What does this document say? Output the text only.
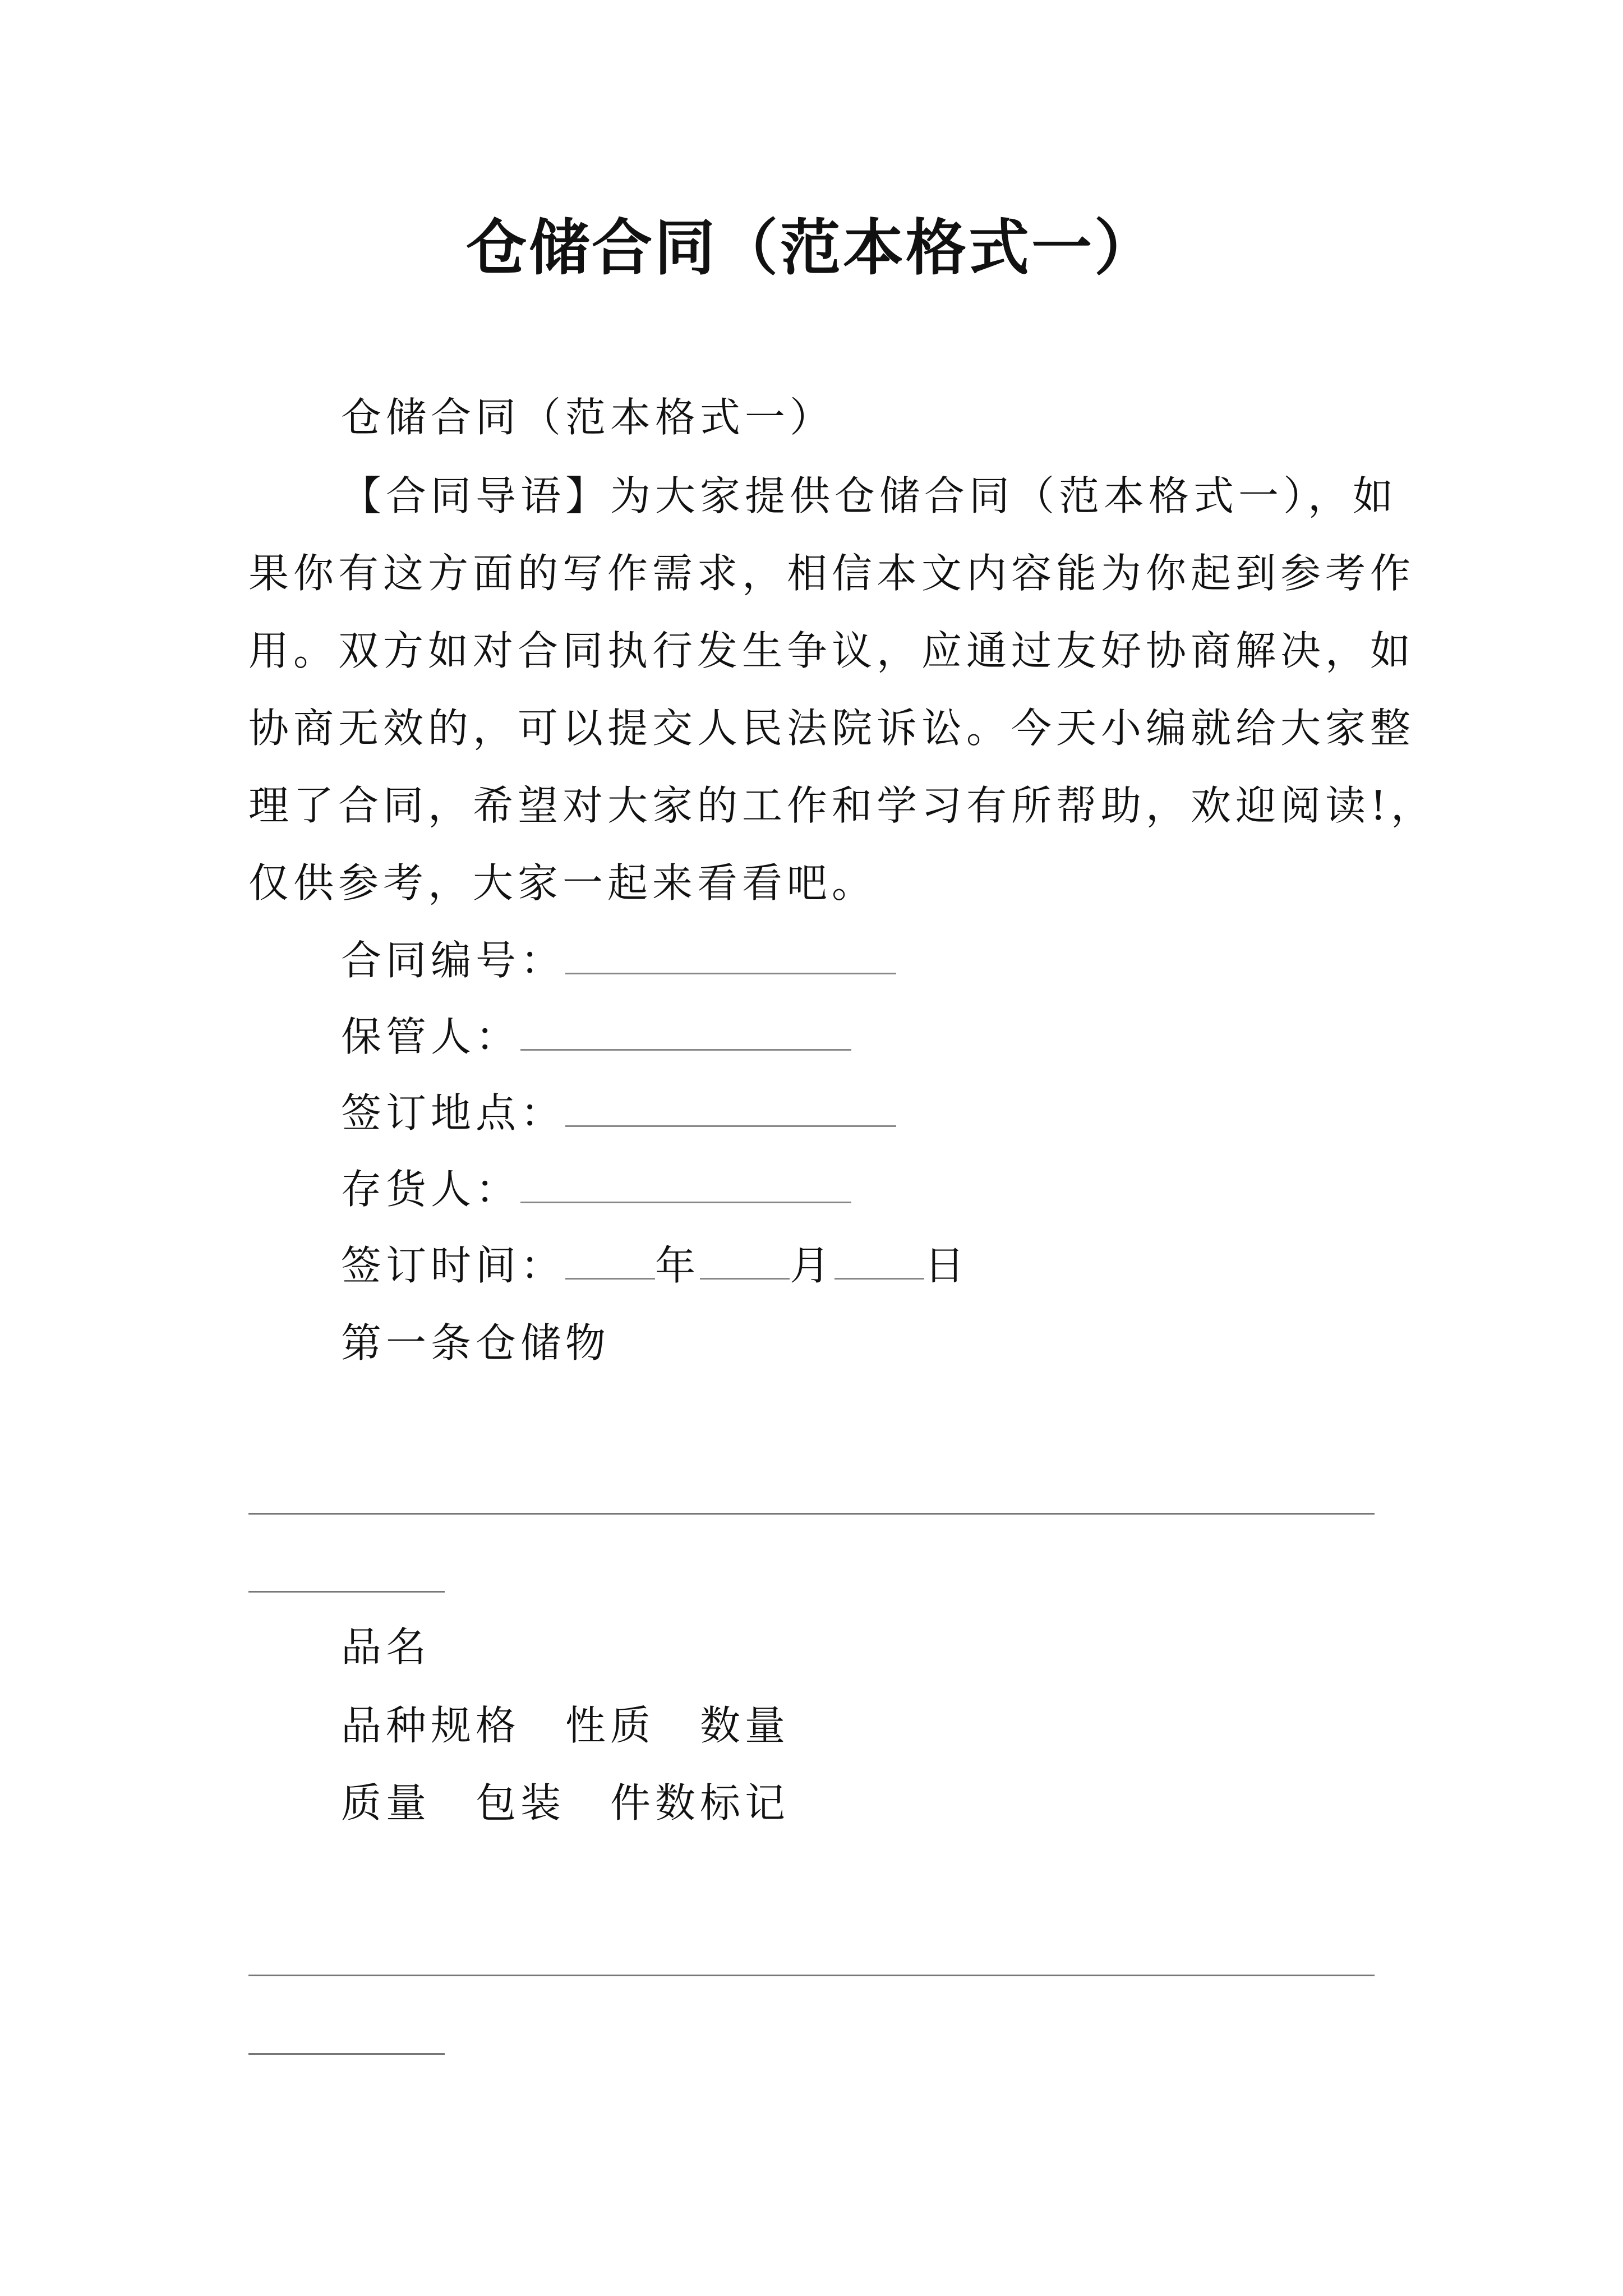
仓储合同（范本格式一）
仓储合同（范本格式一）
【合同导语】为大家提供仓储合同（范本格式一），如
果你有这方面的写作需求，相信本文内容能为你起到参考作
用。双方如对合同执行发生争议，应通过友好协商解决，如
协商无效的，可以提交人民法院诉讼。今天小编就给大家整
理了合同，希望对大家的工作和学习有所帮助，欢迎阅读!，
仅供参考，大家一起来看看吧。
合同编号：
保管人：
签订地点：
存货人：
签订时间： 年 月 日
第一条仓储物
品名
品种规格 性质 数量
质量 包装 件数标记
